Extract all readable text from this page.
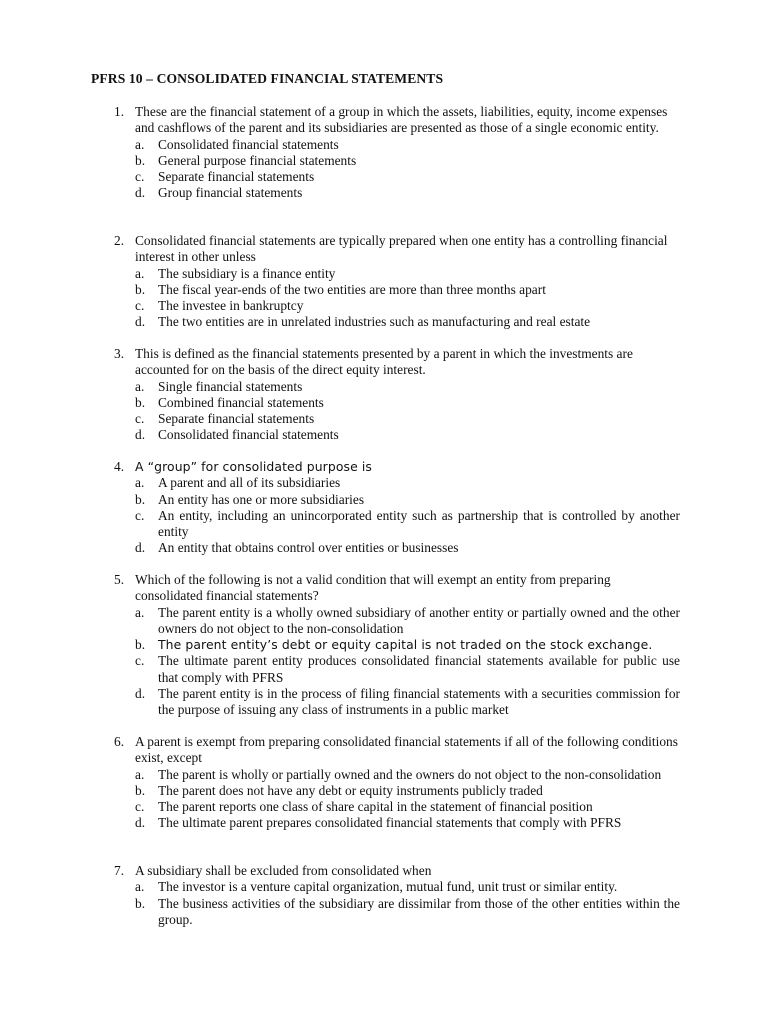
PFRS 10 – CONSOLIDATED FINANCIAL STATEMENTS
1. These are the financial statement of a group in which the assets, liabilities, equity, income expenses and cashflows of the parent and its subsidiaries are presented as those of a single economic entity.
a. Consolidated financial statements
b. General purpose financial statements
c. Separate financial statements
d. Group financial statements
2. Consolidated financial statements are typically prepared when one entity has a controlling financial interest in other unless
a. The subsidiary is a finance entity
b. The fiscal year-ends of the two entities are more than three months apart
c. The investee in bankruptcy
d. The two entities are in unrelated industries such as manufacturing and real estate
3. This is defined as the financial statements presented by a parent in which the investments are accounted for on the basis of the direct equity interest.
a. Single financial statements
b. Combined financial statements
c. Separate financial statements
d. Consolidated financial statements
4. A “group” for consolidated purpose is
a. A parent and all of its subsidiaries
b. An entity has one or more subsidiaries
c. An entity, including an unincorporated entity such as partnership that is controlled by another entity
d. An entity that obtains control over entities or businesses
5. Which of the following is not a valid condition that will exempt an entity from preparing consolidated financial statements?
a. The parent entity is a wholly owned subsidiary of another entity or partially owned and the other owners do not object to the non-consolidation
b. The parent entity’s debt or equity capital is not traded on the stock exchange.
c. The ultimate parent entity produces consolidated financial statements available for public use that comply with PFRS
d. The parent entity is in the process of filing financial statements with a securities commission for the purpose of issuing any class of instruments in a public market
6. A parent is exempt from preparing consolidated financial statements if all of the following conditions exist, except
a. The parent is wholly or partially owned and the owners do not object to the non-consolidation
b. The parent does not have any debt or equity instruments publicly traded
c. The parent reports one class of share capital in the statement of financial position
d. The ultimate parent prepares consolidated financial statements that comply with PFRS
7. A subsidiary shall be excluded from consolidated when
a. The investor is a venture capital organization, mutual fund, unit trust or similar entity.
b. The business activities of the subsidiary are dissimilar from those of the other entities within the group.
